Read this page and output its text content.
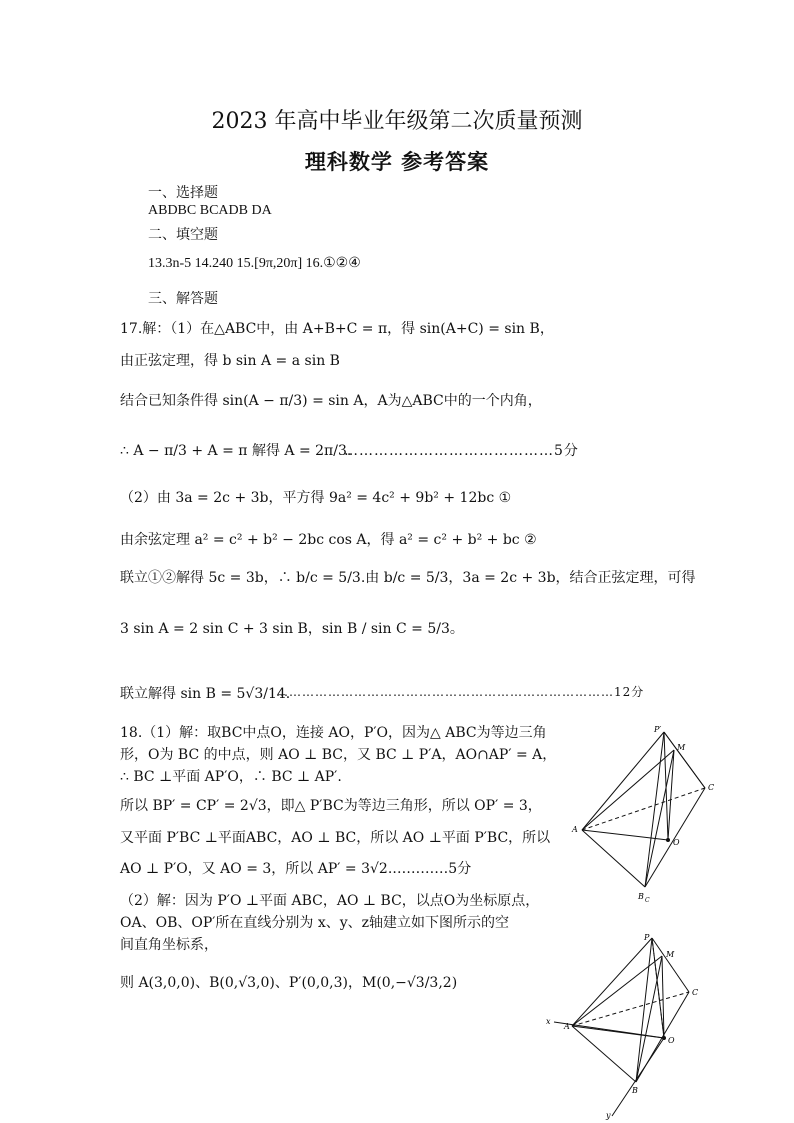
2023 年高中毕业年级第二次质量预测
理科数学 参考答案
一、选择题
ABDBC BCADB DA
二、填空题
13.3n-5 14.240 15.[9π,20π] 16.①②④
三、解答题
17.解：（1）在△ABC中，由 A+B+C = π，得 sin(A+C) = sin B，
由正弦定理，得 b sin A = a sin B
结合已知条件得 sin(A − π/3) = sin A，A为△ABC中的一个内角，
∴ A − π/3 + A = π 解得 A = 2π/3.
……………………………………5分
（2）由 3a = 2c + 3b，平方得 9a² = 4c² + 9b² + 12bc ①
由余弦定理 a² = c² + b² − 2bc cos A，得 a² = c² + b² + bc ②
联立①②解得 5c = 3b，∴ b/c = 5/3.由 b/c = 5/3，3a = 2c + 3b，结合正弦定理，可得
3 sin A = 2 sin C + 3 sin B，sin B / sin C = 5/3。
联立解得 sin B = 5√3/14.
……………………………………………………………………12分
18.（1）解：取BC中点O，连接 AO，P′O，因为△ ABC为等边三角
形，O为 BC 的中点，则 AO ⊥ BC，又 BC ⊥ P′A，AO∩AP′ = A，
∴ BC ⊥平面 AP′O，∴ BC ⊥ AP′.
所以 BP′ = CP′ = 2√3，即△ P′BC为等边三角形，所以 OP′ = 3，
又平面 P′BC ⊥平面ABC，AO ⊥ BC，所以 AO ⊥平面 P′BC，所以
AO ⊥ P′O，又 AO = 3，所以 AP′ = 3√2.…………5分
（2）解：因为 P′O ⊥平面 ABC，AO ⊥ BC，以点O为坐标原点，
OA、OB、OP′所在直线分别为 x、y、z轴建立如下图所示的空
间直角坐标系，
则 A(3,0,0)、B(0,√3,0)、P′(0,0,3)，M(0,−√3/3,2)
P′
M
C
A
O
B C
P
M
C
x
A
O
B
y
